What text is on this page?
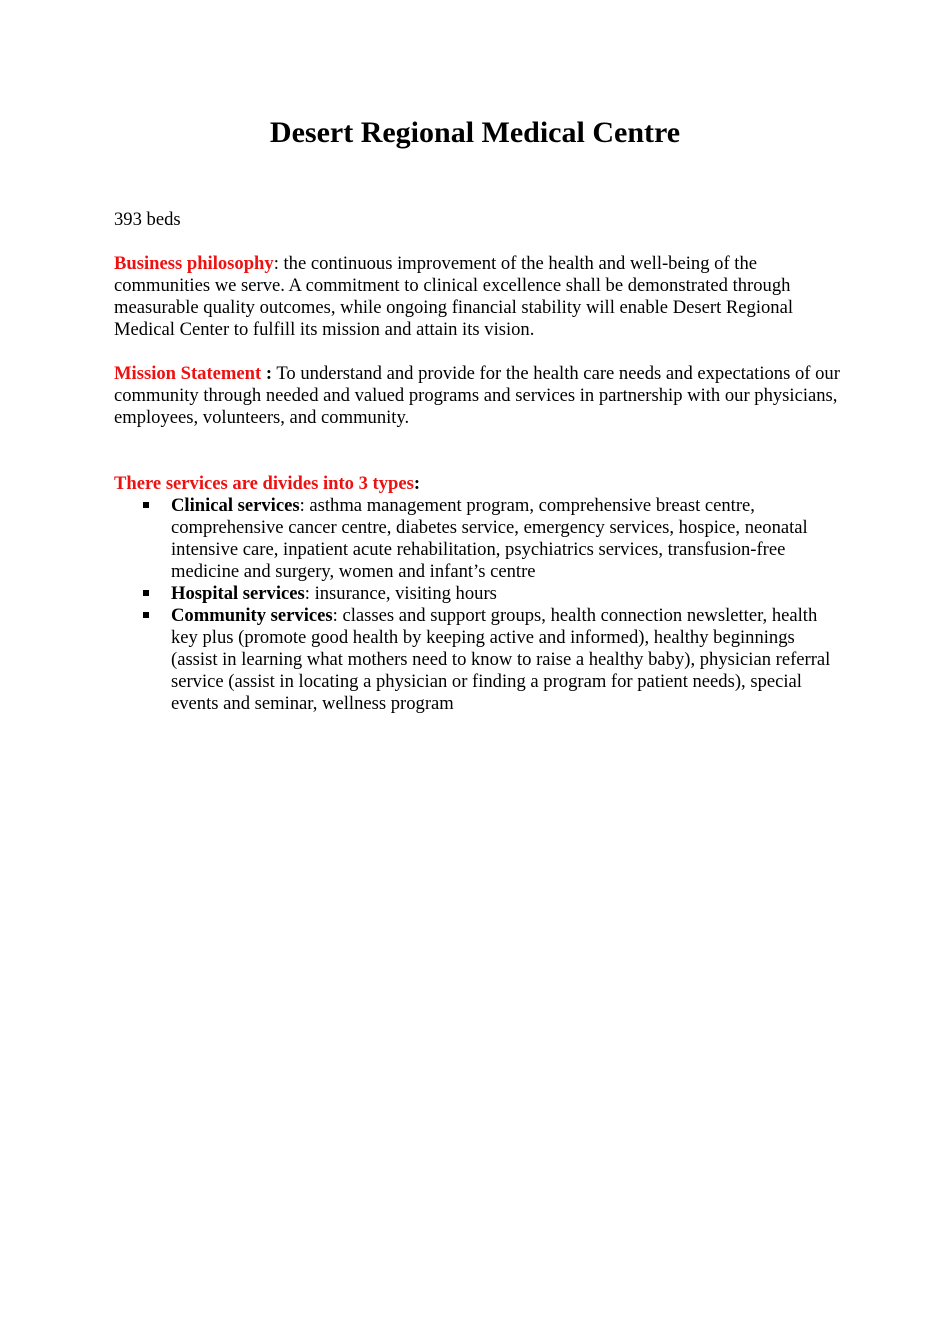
Desert Regional Medical Centre

393 beds

Business philosophy: the continuous improvement of the health and well-being of the communities we serve. A commitment to clinical excellence shall be demonstrated through measurable quality outcomes, while ongoing financial stability will enable Desert Regional Medical Center to fulfill its mission and attain its vision.

Mission Statement : To understand and provide for the health care needs and expectations of our community through needed and valued programs and services in partnership with our physicians, employees, volunteers, and community.

There services are divides into 3 types:

Clinical services: asthma management program, comprehensive breast centre, comprehensive cancer centre, diabetes service, emergency services, hospice, neonatal intensive care, inpatient acute rehabilitation, psychiatrics services, transfusion-free medicine and surgery, women and infant’s centre
Hospital services: insurance, visiting hours
Community services: classes and support groups, health connection newsletter, health key plus (promote good health by keeping active and informed), healthy beginnings (assist in learning what mothers need to know to raise a healthy baby), physician referral service (assist in locating a physician or finding a program for patient needs), special events and seminar, wellness program
